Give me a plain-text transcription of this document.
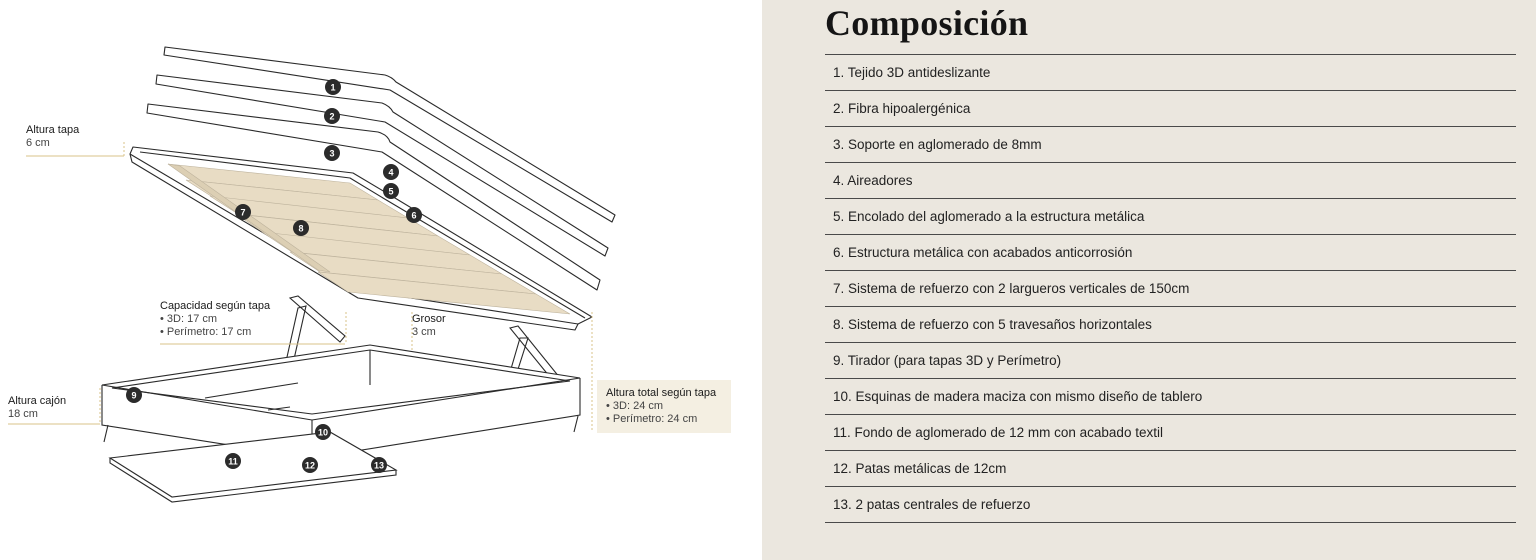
1
2
3
4
5
6
7
8
9
10
11	12	13
Altura tapa
6 cm
Capacidad según tapa
• 3D: 17 cm
• Perímetro: 17 cm
Grosor
3 cm
Altura cajón
18 cm
Altura total según tapa
• 3D: 24 cm
• Perímetro: 24 cm
Composición
1. Tejido 3D antideslizante
2. Fibra hipoalergénica
3. Soporte en aglomerado de 8mm
4. Aireadores
5. Encolado del aglomerado a la estructura metálica
6. Estructura metálica con acabados anticorrosión
7. Sistema de refuerzo con 2 largueros verticales de 150cm
8. Sistema de refuerzo con 5 travesaños horizontales
9. Tirador (para tapas 3D y Perímetro)
10. Esquinas de madera maciza con mismo diseño de tablero
11. Fondo de aglomerado de 12 mm con acabado textil
12. Patas metálicas de 12cm
13. 2 patas centrales de refuerzo
